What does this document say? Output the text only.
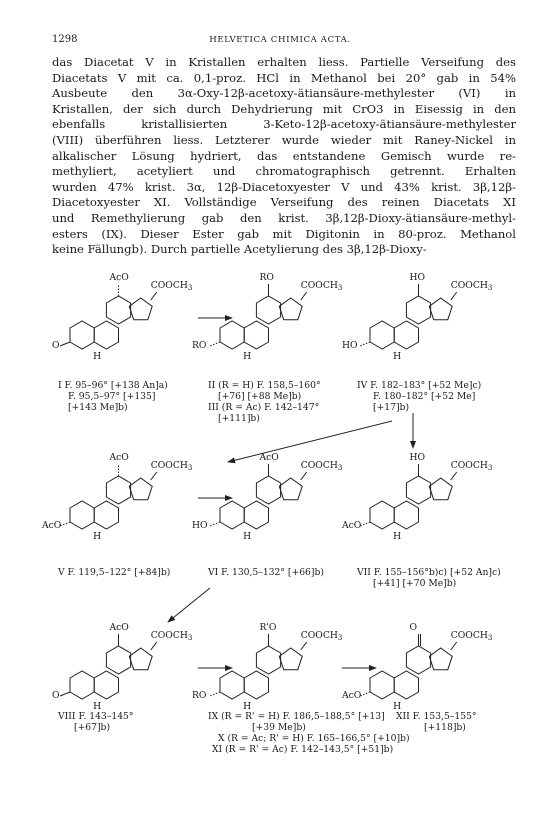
1298	HELVETICA CHIMICA ACTA.
das Diacetat V in Kristallen erhalten liess. Partielle Verseifung des
Diacetats V mit ca. 0,1-proz. HCl in Methanol bei 20° gab in 54%
Ausbeute den 3α-Oxy-12β-acetoxy-ätiansäure-methylester (VI) in
Kristallen, der sich durch Dehydrierung mit CrO3 in Eisessig in den
ebenfalls kristallisierten 3-Keto-12β-acetoxy-ätiansäure-methylester
(VIII) überführen liess. Letzterer wurde wieder mit Raney-Nickel in
alkalischer Lösung hydriert, das entstandene Gemisch wurde re-
methyliert, acetyliert und chromatographisch getrennt. Erhalten
wurden 47% krist. 3α, 12β-Diacetoxyester V und 43% krist. 3β,12β-
Diacetoxyester XI. Vollständige Verseifung des reinen Diacetats XI
und Remethylierung gab den krist. 3β,12β-Dioxy-ätiansäure-methyl-
esters (IX). Dieser Ester gab mit Digitonin in 80-proz. Methanol
keine Fällungb). Durch partielle Acetylierung des 3β,12β-Dioxy-
AcO
$COOCH_3$
O
H
RO
$COOCH_3$
RO
H
HO
$COOCH_3$
HO
H
AcO
$COOCH_3$
AcO
H
AcO
$COOCH_3$
HO
H
HO
$COOCH_3$
AcO
H
AcO
$COOCH_3$
O
H
R'O
$COOCH_3$
RO
H
O
$COOCH_3$
AcO
H
I F. 95–96° [+138 An]a)
F. 95,5–97° [+135]
[+143 Me]b)
II (R = H) F. 158,5–160°
[+76] [+88 Me]b)
III (R = Ac) F. 142–147°
[+111]b)
IV F. 182–183° [+52 Me]c)
F. 180–182° [+52 Me]
[+17]b)
V F. 119,5–122° [+84]b)	VI F. 130,5–132° [+66]b)	VII F. 155–156°b)c) [+52 An]c)
[+41] [+70 Me]b)
VIII F. 143–145°
[+67]b)
IX (R = R' = H) F. 186,5–188,5° [+13]
[+39 Me]b)
X (R = Ac; R' = H) F. 165–166,5° [+10]b)
XI (R = R' = Ac) F. 142–143,5° [+51]b)
XII F. 153,5–155°
[+118]b)
